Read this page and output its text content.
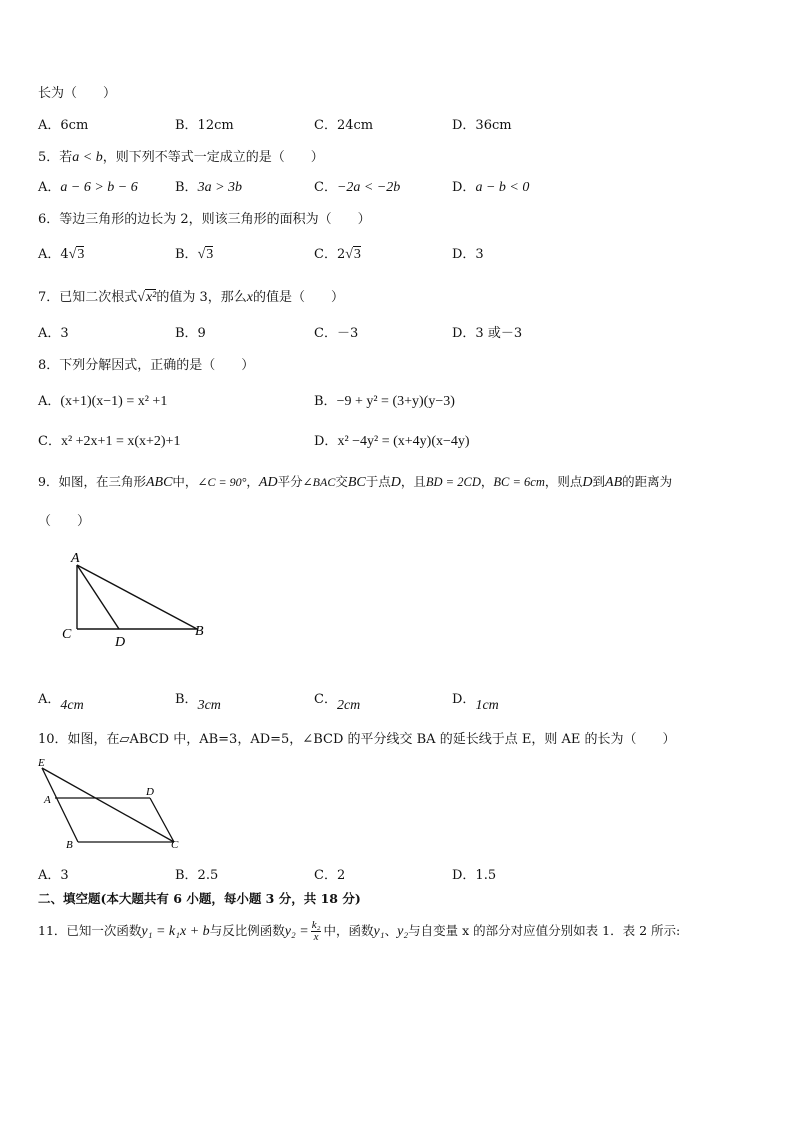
长为（　　）
A．6cm	B．12cm	C．24cm	D．36cm
5．若a < b，则下列不等式一定成立的是（　　）
A．a − 6 > b − 6	B．3a > 3b	C．−2a < −2b	D．a − b < 0
6．等边三角形的边长为 2，则该三角形的面积为（　　）
A．4√3	B．√3	C．2√3	D．3
7．已知二次根式√x²的值为 3，那么x的值是（　　）
A．3	B．9	C．－3	D．3 或－3
8．下列分解因式，正确的是（　　）
A．(x+1)(x−1) = x² +1	B．−9 + y² = (3+y)(y−3)
C．x² +2x+1 = x(x+2)+1	D．x² −4y² = (x+4y)(x−4y)
9．如图，在三角形ABC中，∠C = 90°，AD平分∠BAC交BC于点D，且BD = 2CD，BC = 6cm，则点D到AB的距离为
（　　）
A
C
D
B
A．4cm	B．3cm	C．2cm	D．1cm
10．如图，在▱ABCD 中，AB=3，AD=5，∠BCD 的平分线交 BA 的延长线于点 E，则 AE 的长为（　　）
E
A
D
B	C
A．3	B．2.5	C．2	D．1.5
二、填空题(本大题共有 6 小题，每小题 3 分，共 18 分)
11．已知一次函数y₁ = k₁x + b与反比例函数$y_2 = \frac{\text{k₂}}{x}$ 中，函数y₁、y₂与自变量 x 的部分对应值分别如表 1．表 2 所示:
